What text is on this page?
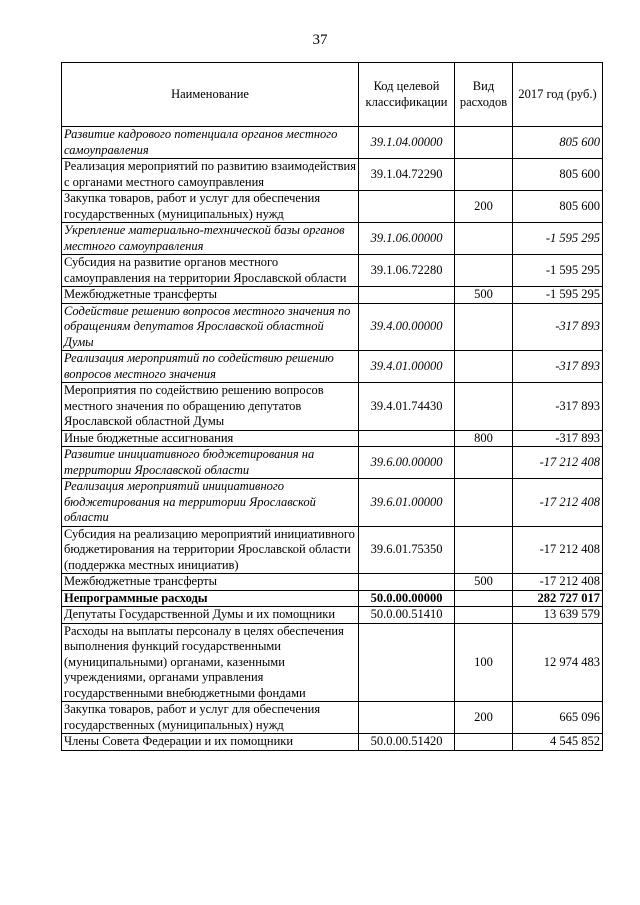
37
Наименование	Код целевой классификации	Вид расходов	2017 год (руб.)
Развитие кадрового потенциала органов местного самоуправления	39.1.04.00000		805 600
Реализация мероприятий по развитию взаимодействия с органами местного самоуправления	39.1.04.72290		805 600
Закупка товаров, работ и услуг для обеспечения государственных (муниципальных) нужд		200	805 600
Укрепление материально-технической базы органов местного самоуправления	39.1.06.00000		-1 595 295
Субсидия на развитие органов местного самоуправления на территории Ярославской области	39.1.06.72280		-1 595 295
Межбюджетные трансферты		500	-1 595 295
Содействие решению вопросов местного значения по обращениям депутатов Ярославской областной Думы	39.4.00.00000		-317 893
Реализация мероприятий по содействию решению вопросов местного значения	39.4.01.00000		-317 893
Мероприятия по содействию решению вопросов местного значения по обращению депутатов Ярославской областной Думы	39.4.01.74430		-317 893
Иные бюджетные ассигнования		800	-317 893
Развитие инициативного бюджетирования на территории Ярославской области	39.6.00.00000		-17 212 408
Реализация мероприятий инициативного бюджетирования на территории Ярославской области	39.6.01.00000		-17 212 408
Субсидия на реализацию мероприятий инициативного бюджетирования на территории Ярославской области (поддержка местных инициатив)	39.6.01.75350		-17 212 408
Межбюджетные трансферты		500	-17 212 408
Непрограммные расходы	50.0.00.00000		282 727 017
Депутаты Государственной Думы и их помощники	50.0.00.51410		13 639 579
Расходы на выплаты персоналу в целях обеспечения выполнения функций государственными (муниципальными) органами, казенными учреждениями, органами управления государственными внебюджетными фондами		100	12 974 483
Закупка товаров, работ и услуг для обеспечения государственных (муниципальных) нужд		200	665 096
Члены Совета Федерации и их помощники	50.0.00.51420		4 545 852
